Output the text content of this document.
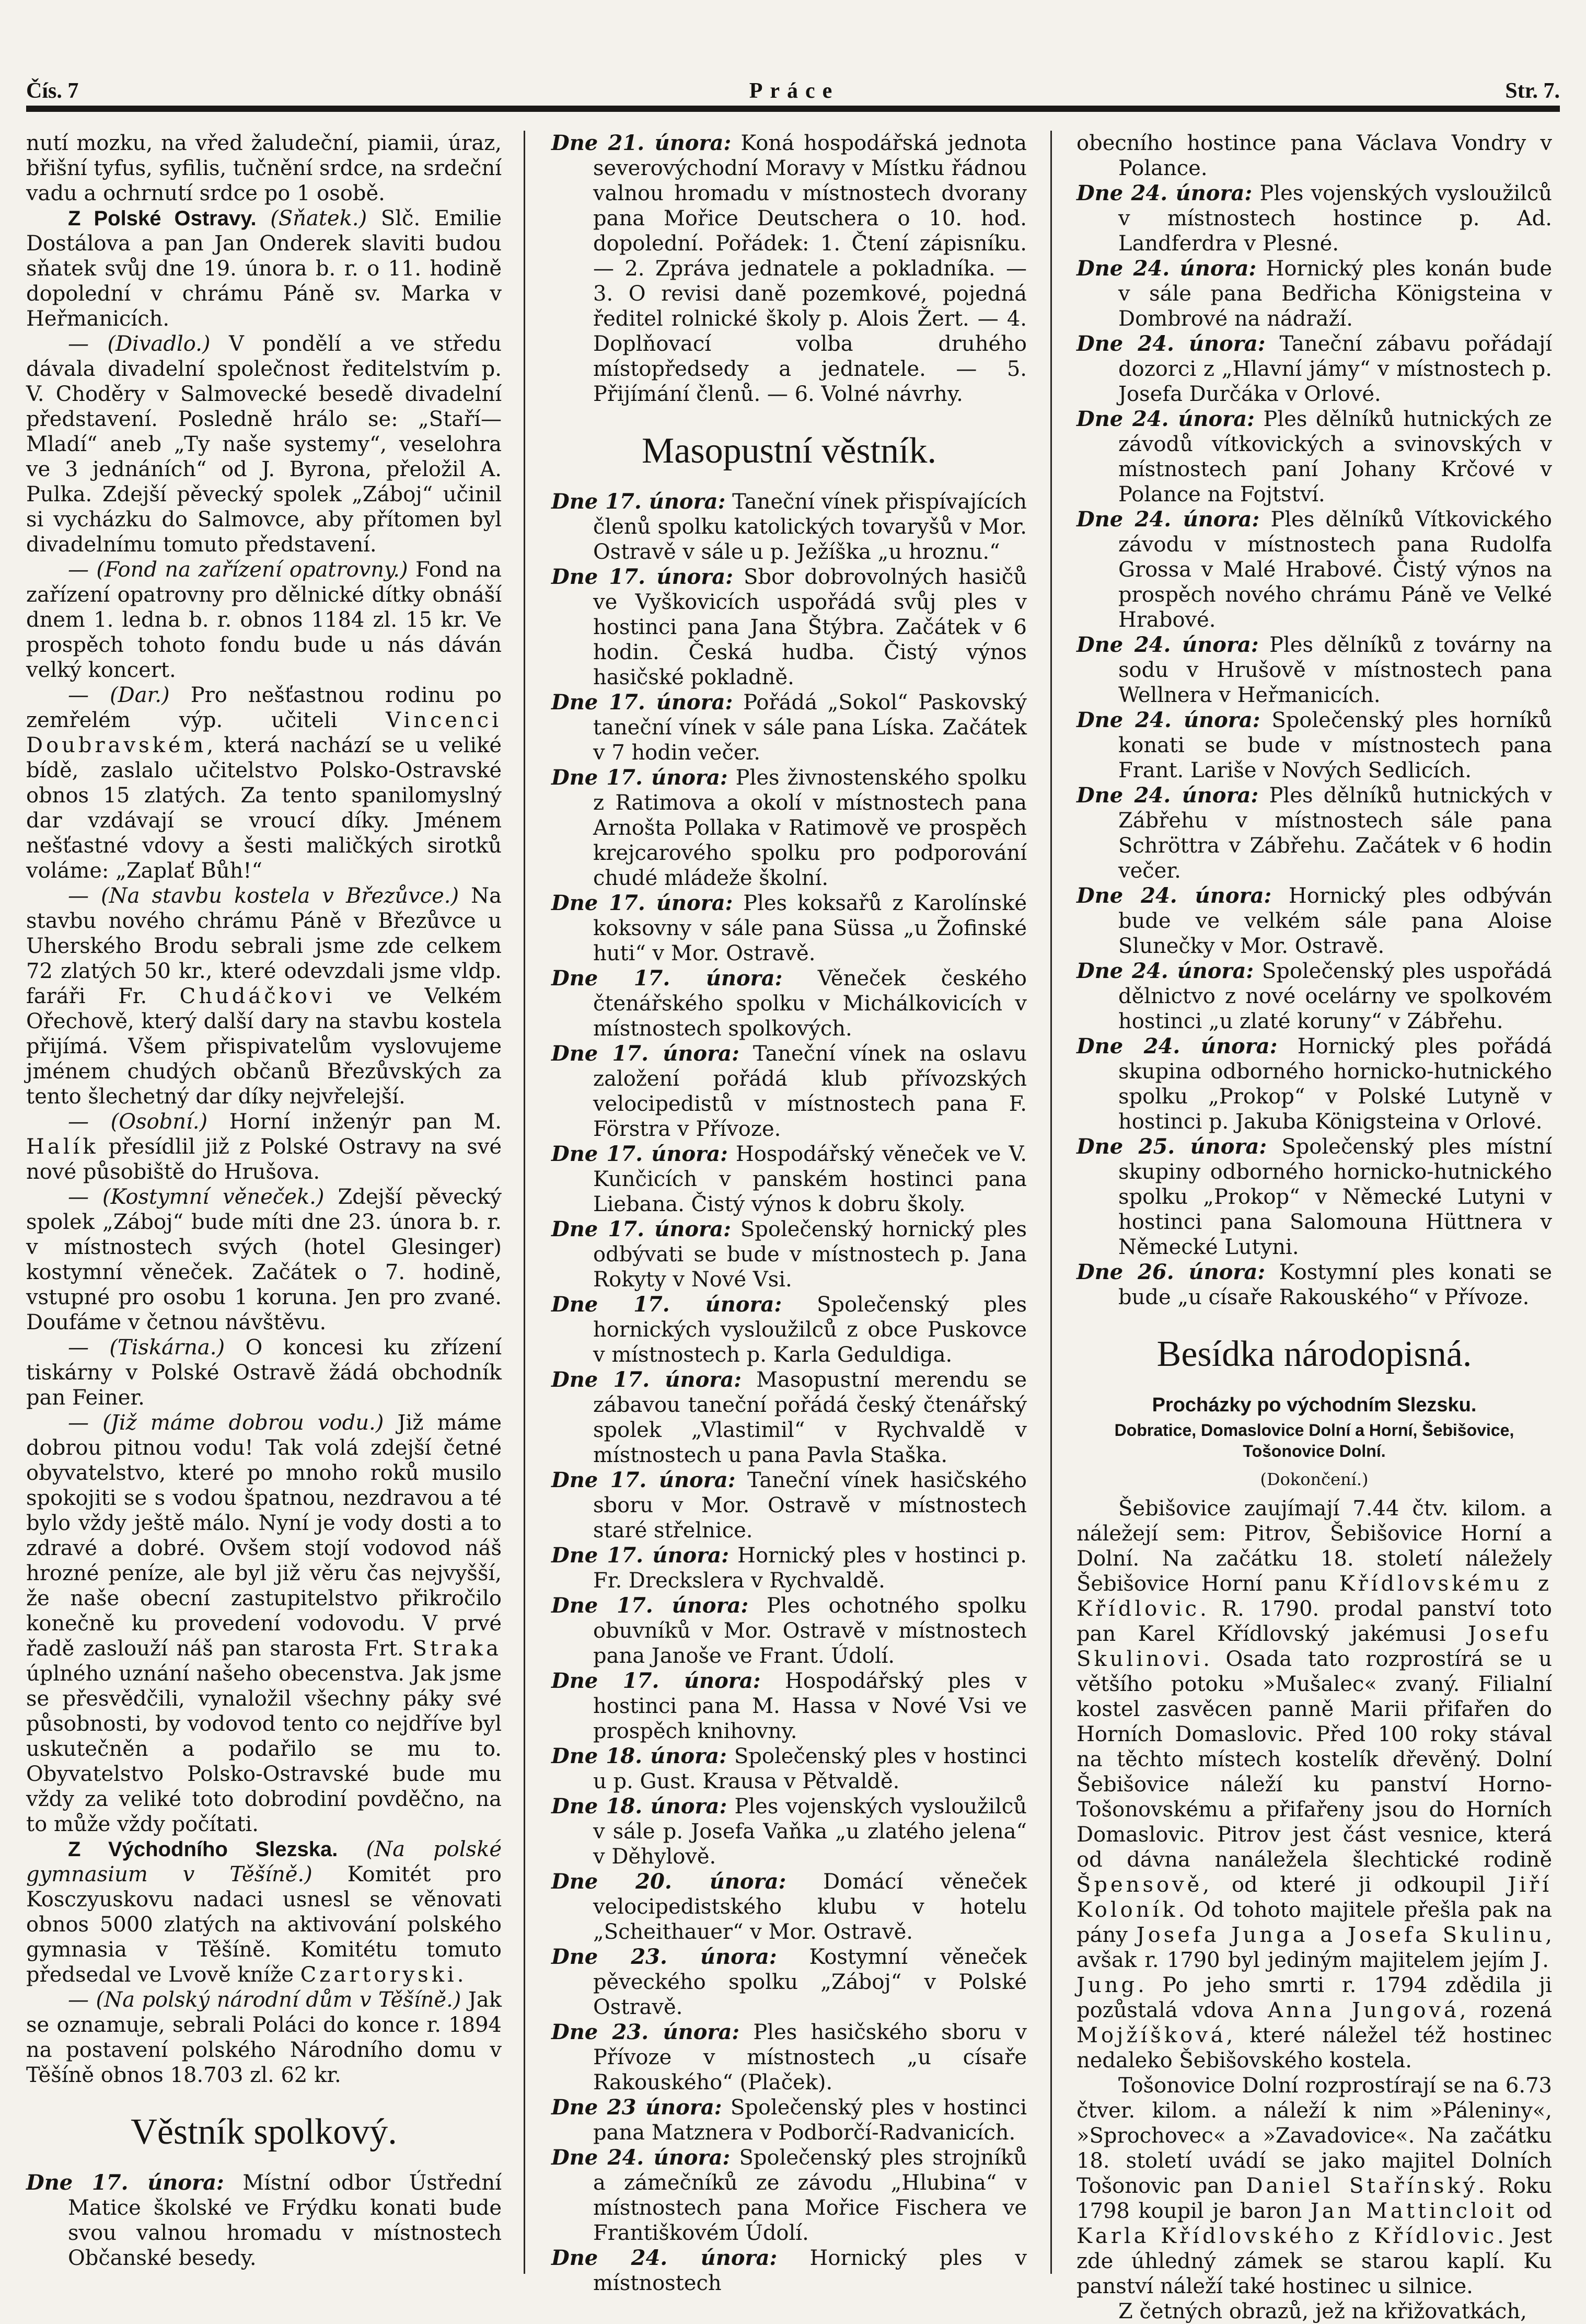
Čís. 7	Práce	Str. 7.

nutí mozku, na vřed žaludeční, piamii, úraz, břišní tyfus, syfilis, tučnění srdce, na srdeční vadu a ochrnutí srdce po 1 osobě.

Z Polské Ostravy. (Sňatek.) Slč. Emilie Dostálova a pan Jan Onderek slaviti budou sňatek svůj dne 19. února b. r. o 11. hodině dopolední v chrámu Páně sv. Marka v Heřmanicích.

— (Divadlo.) V pondělí a ve středu dávala divadelní společnost ředitelstvím p. V. Choděry v Salmovecké besedě divadelní představení. Posledně hrálo se: „Staří—Mladí“ aneb „Ty naše systemy“, veselohra ve 3 jednáních“ od J. Byrona, přeložil A. Pulka. Zdejší pěvecký spolek „Záboj“ učinil si vycházku do Salmovce, aby přítomen byl divadelnímu tomuto představení.

— (Fond na zařízení opatrovny.) Fond na zařízení opatrovny pro dělnické dítky obnáší dnem 1. ledna b. r. obnos 1184 zl. 15 kr. Ve prospěch tohoto fondu bude u nás dáván velký koncert.

— (Dar.) Pro nešťastnou rodinu po zemřelém výp. učiteli Vincenci Doubravském, která nachází se u veliké bídě, zaslalo učitelstvo Polsko-Ostravské obnos 15 zlatých. Za tento spanilomyslný dar vzdávají se vroucí díky. Jménem nešťastné vdovy a šesti maličkých sirotků voláme: „Zaplať Bůh!“

— (Na stavbu kostela v Březůvce.) Na stavbu nového chrámu Páně v Březůvce u Uherského Brodu sebrali jsme zde celkem 72 zlatých 50 kr., které odevzdali jsme vldp. faráři Fr. Chudáčkovi ve Velkém Ořechově, který další dary na stavbu kostela přijímá. Všem přispivatelům vyslovujeme jménem chudých občanů Březůvských za tento šlechetný dar díky nejvřelejší.

— (Osobní.) Horní inženýr pan M. Halík přesídlil již z Polské Ostravy na své nové působiště do Hrušova.

— (Kostymní věneček.) Zdejší pěvecký spolek „Záboj“ bude míti dne 23. února b. r. v místnostech svých (hotel Glesinger) kostymní věneček. Začátek o 7. hodině, vstupné pro osobu 1 koruna. Jen pro zvané. Doufáme v četnou návštěvu.

— (Tiskárna.) O koncesi ku zřízení tiskárny v Polské Ostravě žádá obchodník pan Feiner.

— (Již máme dobrou vodu.) Již máme dobrou pitnou vodu! Tak volá zdejší četné obyvatelstvo, které po mnoho roků musilo spokojiti se s vodou špatnou, nezdravou a té bylo vždy ještě málo. Nyní je vody dosti a to zdravé a dobré. Ovšem stojí vodovod náš hrozné peníze, ale byl již věru čas nejvyšší, že naše obecní zastupitelstvo přikročilo konečně ku provedení vodovodu. V prvé řadě zaslouží náš pan starosta Frt. Straka úplného uznání našeho obecenstva. Jak jsme se přesvědčili, vynaložil všechny páky své působnosti, by vodovod tento co nejdříve byl uskutečněn a podařilo se mu to. Obyvatelstvo Polsko-Ostravské bude mu vždy za veliké toto dobrodiní povděčno, na to může vždy počítati.

Z Východního Slezska. (Na polské gymnasium v Těšíně.) Komitét pro Kosczyuskovu nadaci usnesl se věnovati obnos 5000 zlatých na aktivování polského gymnasia v Těšíně. Komitétu tomuto předsedal ve Lvově kníže Czartoryski.

— (Na polský národní dům v Těšíně.) Jak se oznamuje, sebrali Poláci do konce r. 1894 na postavení polského Národního domu v Těšíně obnos 18.703 zl. 62 kr.

Věstník spolkový.

Dne 17. února: Místní odbor Ústřední Matice školské ve Frýdku konati bude svou valnou hromadu v místnostech Občanské besedy.

Dne 21. února: Koná hospodářská jednota severovýchodní Moravy v Místku řádnou valnou hromadu v místnostech dvorany pana Mořice Deutschera o 10. hod. dopolední. Pořádek: 1. Čtení zápisníku. — 2. Zpráva jednatele a pokladníka. — 3. O revisi daně pozemkové, pojedná ředitel rolnické školy p. Alois Žert. — 4. Doplňovací volba druhého místopředsedy a jednatele. — 5. Přijímání členů. — 6. Volné návrhy.

Masopustní věstník.

Dne 17. února: Taneční vínek přispívajících členů spolku katolických tovaryšů v Mor. Ostravě v sále u p. Ježíška „u hroznu.“

Dne 17. února: Sbor dobrovolných hasičů ve Vyškovicích uspořádá svůj ples v hostinci pana Jana Štýbra. Začátek v 6 hodin. Česká hudba. Čistý výnos hasičské pokladně.

Dne 17. února: Pořádá „Sokol“ Paskovský taneční vínek v sále pana Líska. Začátek v 7 hodin večer.

Dne 17. února: Ples živnostenského spolku z Ratimova a okolí v místnostech pana Arnošta Pollaka v Ratimově ve prospěch krejcarového spolku pro podporování chudé mládeže školní.

Dne 17. února: Ples koksařů z Karolínské koksovny v sále pana Süssa „u Žofinské huti“ v Mor. Ostravě.

Dne 17. února: Věneček českého čtenářského spolku v Michálkovicích v místnostech spolkových.

Dne 17. února: Taneční vínek na oslavu založení pořádá klub přívozských velocipedistů v místnostech pana F. Förstra v Přívoze.

Dne 17. února: Hospodářský věneček ve V. Kunčicích v panském hostinci pana Liebana. Čistý výnos k dobru školy.

Dne 17. února: Společenský hornický ples odbývati se bude v místnostech p. Jana Rokyty v Nové Vsi.

Dne 17. února: Společenský ples hornických vysloužilců z obce Puskovce v místnostech p. Karla Geduldiga.

Dne 17. února: Masopustní merendu se zábavou taneční pořádá český čtenářský spolek „Vlastimil“ v Rychvaldě v místnostech u pana Pavla Staška.

Dne 17. února: Taneční vínek hasičského sboru v Mor. Ostravě v místnostech staré střelnice.

Dne 17. února: Hornický ples v hostinci p. Fr. Dreckslera v Rychvaldě.

Dne 17. února: Ples ochotného spolku obuvníků v Mor. Ostravě v místnostech pana Janoše ve Frant. Údolí.

Dne 17. února: Hospodářský ples v hostinci pana M. Hassa v Nové Vsi ve prospěch knihovny.

Dne 18. února: Společenský ples v hostinci u p. Gust. Krausa v Pětvaldě.

Dne 18. února: Ples vojenských vysloužilců v sále p. Josefa Vaňka „u zlatého jelena“ v Děhylově.

Dne 20. února: Domácí věneček velocipedistského klubu v hotelu „Scheithauer“ v Mor. Ostravě.

Dne 23. února: Kostymní věneček pěveckého spolku „Záboj“ v Polské Ostravě.

Dne 23. února: Ples hasičského sboru v Přívoze v místnostech „u císaře Rakouského“ (Plaček).

Dne 23 února: Společenský ples v hostinci pana Matznera v Podborčí-Radvanicích.

Dne 24. února: Společenský ples strojníků a zámečníků ze závodu „Hlubina“ v místnostech pana Mořice Fischera ve Františkovém Údolí.

Dne 24. února: Hornický ples v místnostech

obecního hostince pana Václava Vondry v Polance.

Dne 24. února: Ples vojenských vysloužilců v místnostech hostince p. Ad. Landferdra v Plesné.

Dne 24. února: Hornický ples konán bude v sále pana Bedřicha Königsteina v Dombrové na nádraží.

Dne 24. února: Taneční zábavu pořádají dozorci z „Hlavní jámy“ v místnostech p. Josefa Durčáka v Orlové.

Dne 24. února: Ples dělníků hutnických ze závodů vítkovických a svinovských v místnostech paní Johany Krčové v Polance na Fojtství.

Dne 24. února: Ples dělníků Vítkovického závodu v místnostech pana Rudolfa Grossa v Malé Hrabové. Čistý výnos na prospěch nového chrámu Páně ve Velké Hrabové.

Dne 24. února: Ples dělníků z továrny na sodu v Hrušově v místnostech pana Wellnera v Heřmanicích.

Dne 24. února: Společenský ples horníků konati se bude v místnostech pana Frant. Lariše v Nových Sedlicích.

Dne 24. února: Ples dělníků hutnických v Zábřehu v místnostech sále pana Schröttra v Zábřehu. Začátek v 6 hodin večer.

Dne 24. února: Hornický ples odbýván bude ve velkém sále pana Aloise Slunečky v Mor. Ostravě.

Dne 24. února: Společenský ples uspořádá dělnictvo z nové ocelárny ve spolkovém hostinci „u zlaté koruny“ v Zábřehu.

Dne 24. února: Hornický ples pořádá skupina odborného hornicko-hutnického spolku „Prokop“ v Polské Lutyně v hostinci p. Jakuba Königsteina v Orlové.

Dne 25. února: Společenský ples místní skupiny odborného hornicko-hutnického spolku „Prokop“ v Německé Lutyni v hostinci pana Salomouna Hüttnera v Německé Lutyni.

Dne 26. února: Kostymní ples konati se bude „u císaře Rakouského“ v Přívoze.

Besídka národopisná.
Procházky po východním Slezsku.
Dobratice, Domaslovice Dolní a Horní, Šebišovice, Tošonovice Dolní.
(Dokončení.)

Šebišovice zaujímají 7.44 čtv. kilom. a náležejí sem: Pitrov, Šebišovice Horní a Dolní. Na začátku 18. století náležely Šebišovice Horní panu Křídlovskému z Křídlovic. R. 1790. prodal panství toto pan Karel Křídlovský jakémusi Josefu Skulinovi. Osada tato rozprostírá se u většího potoku »Mušalec« zvaný. Filialní kostel zasvěcen panně Marii přifařen do Horních Domaslovic. Před 100 roky stával na těchto místech kostelík dřevěný. Dolní Šebišovice náleží ku panství Horno-Tošonovskému a přifařeny jsou do Horních Domaslovic. Pitrov jest část vesnice, která od dávna nanáležela šlechtické rodině Špensově, od které ji odkoupil Jiří Koloník. Od tohoto majitele přešla pak na pány Josefa Junga a Josefa Skulinu, avšak r. 1790 byl jediným majitelem jejím J. Jung. Po jeho smrti r. 1794 zdědila ji pozůstalá vdova Anna Jungová, rozená Mojžíšková, které náležel též hostinec nedaleko Šebišovského kostela.

Tošonovice Dolní rozprostírají se na 6.73 čtver. kilom. a náleží k nim »Páleniny«, »Sprochovec« a »Zavadovice«. Na začátku 18. století uvádí se jako majitel Dolních Tošonovic pan Daniel Stařínský. Roku 1798 koupil je baron Jan Mattincloit od Karla Křídlovského z Křídlovic. Jest zde úhledný zámek se starou kaplí. Ku panství náleží také hostinec u silnice.

Z četných obrazů, jež na křižovatkách,
